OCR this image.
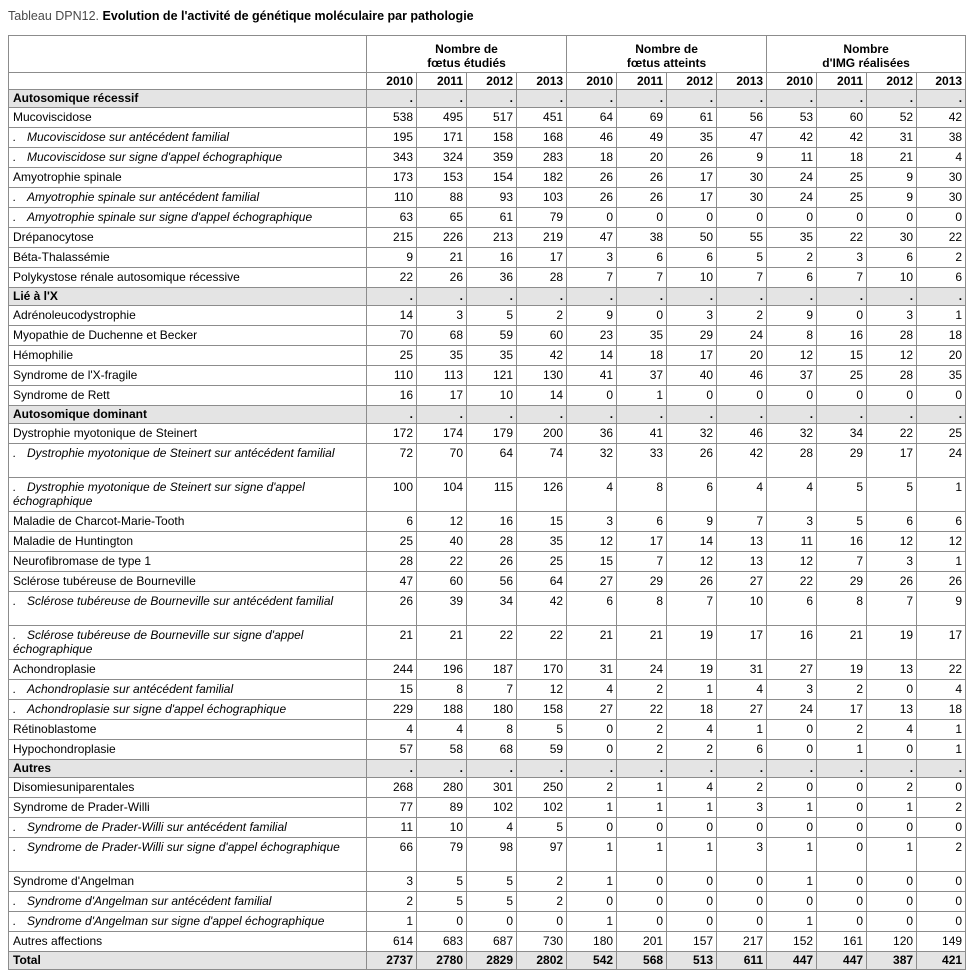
Tableau DPN12. Evolution de l'activité de génétique moléculaire par pathologie
	Nombre de
fœtus étudiés				Nombre de
fœtus atteints				Nombre
d'IMG réalisées			
	2010	2011	2012	2013	2010	2011	2012	2013	2010	2011	2012	2013
Autosomique récessif	.	.	.	.	.	.	.	.	.	.	.	.
Mucoviscidose	538	495	517	451	64	69	61	56	53	60	52	42
. Mucoviscidose sur antécédent familial	195	171	158	168	46	49	35	47	42	42	31	38
. Mucoviscidose sur signe d'appel échographique	343	324	359	283	18	20	26	9	11	18	21	4
Amyotrophie spinale	173	153	154	182	26	26	17	30	24	25	9	30
. Amyotrophie spinale sur antécédent familial	110	88	93	103	26	26	17	30	24	25	9	30
. Amyotrophie spinale sur signe d'appel échographique	63	65	61	79	0	0	0	0	0	0	0	0
Drépanocytose	215	226	213	219	47	38	50	55	35	22	30	22
Béta-Thalassémie	9	21	16	17	3	6	6	5	2	3	6	2
Polykystose rénale autosomique récessive	22	26	36	28	7	7	10	7	6	7	10	6
Lié à l'X	.	.	.	.	.	.	.	.	.	.	.	.
Adrénoleucodystrophie	14	3	5	2	9	0	3	2	9	0	3	1
Myopathie de Duchenne et Becker	70	68	59	60	23	35	29	24	8	16	28	18
Hémophilie	25	35	35	42	14	18	17	20	12	15	12	20
Syndrome de l'X-fragile	110	113	121	130	41	37	40	46	37	25	28	35
Syndrome de Rett	16	17	10	14	0	1	0	0	0	0	0	0
Autosomique dominant	.	.	.	.	.	.	.	.	.	.	.	.
Dystrophie myotonique de Steinert	172	174	179	200	36	41	32	46	32	34	22	25
. Dystrophie myotonique de Steinert sur antécédent familial	72	70	64	74	32	33	26	42	28	29	17	24
. Dystrophie myotonique de Steinert sur signe d'appel échographique	100	104	115	126	4	8	6	4	4	5	5	1
Maladie de Charcot-Marie-Tooth	6	12	16	15	3	6	9	7	3	5	6	6
Maladie de Huntington	25	40	28	35	12	17	14	13	11	16	12	12
Neurofibromase de type 1	28	22	26	25	15	7	12	13	12	7	3	1
Sclérose tubéreuse de Bourneville	47	60	56	64	27	29	26	27	22	29	26	26
. Sclérose tubéreuse de Bourneville sur antécédent familial	26	39	34	42	6	8	7	10	6	8	7	9
. Sclérose tubéreuse de Bourneville sur signe d'appel échographique	21	21	22	22	21	21	19	17	16	21	19	17
Achondroplasie	244	196	187	170	31	24	19	31	27	19	13	22
. Achondroplasie sur antécédent familial	15	8	7	12	4	2	1	4	3	2	0	4
. Achondroplasie sur signe d'appel échographique	229	188	180	158	27	22	18	27	24	17	13	18
Rétinoblastome	4	4	8	5	0	2	4	1	0	2	4	1
Hypochondroplasie	57	58	68	59	0	2	2	6	0	1	0	1
Autres	.	.	.	.	.	.	.	.	.	.	.	.
Disomiesuniparentales	268	280	301	250	2	1	4	2	0	0	2	0
Syndrome de Prader-Willi	77	89	102	102	1	1	1	3	1	0	1	2
. Syndrome de Prader-Willi sur antécédent familial	11	10	4	5	0	0	0	0	0	0	0	0
. Syndrome de Prader-Willi sur signe d'appel échographique	66	79	98	97	1	1	1	3	1	0	1	2
Syndrome d'Angelman	3	5	5	2	1	0	0	0	1	0	0	0
. Syndrome d'Angelman sur antécédent familial	2	5	5	2	0	0	0	0	0	0	0	0
. Syndrome d'Angelman sur signe d'appel échographique	1	0	0	0	1	0	0	0	1	0	0	0
Autres affections	614	683	687	730	180	201	157	217	152	161	120	149
Total	2737	2780	2829	2802	542	568	513	611	447	447	387	421
